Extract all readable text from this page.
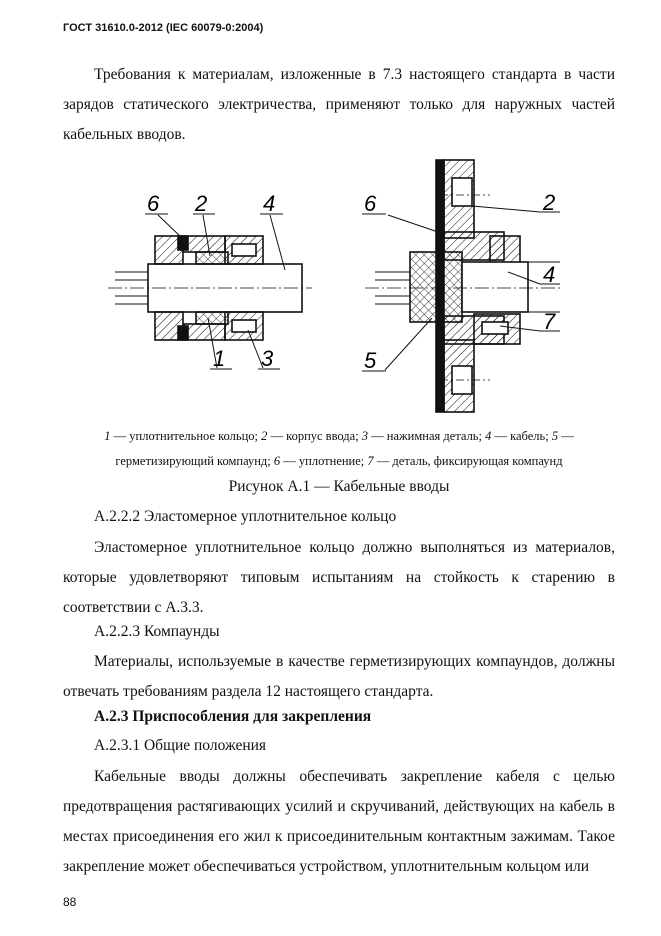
ГОСТ 31610.0-2012 (IEC 60079-0:2004)

Требования к материалам, изложенные в 7.3 настоящего стандарта в части зарядов статического электричества, применяют только для наружных частей кабельных вводов.

6 2	4
1 3
6	2
4
7
5

1 — уплотнительное кольцо; 2 — корпус ввода; 3 — нажимная деталь; 4 — кабель; 5 —

герметизирующий компаунд; 6 — уплотнение; 7 — деталь, фиксирующая компаунд

Рисунок А.1 — Кабельные вводы

А.2.2.2 Эластомерное уплотнительное кольцо

Эластомерное уплотнительное кольцо должно выполняться из материалов, которые удовлетворяют типовым испытаниям на стойкость к старению в соответствии с А.3.3.

А.2.2.3 Компаунды

Материалы, используемые в качестве герметизирующих компаундов, должны отвечать требованиям раздела 12 настоящего стандарта.

А.2.3 Приспособления для закрепления

А.2.3.1 Общие положения

Кабельные вводы должны обеспечивать закрепление кабеля с целью предотвращения растягивающих усилий и скручиваний, действующих на кабель в местах присоединения его жил к присоединительным контактным зажимам. Такое закрепление может обеспечиваться устройством, уплотнительным кольцом или

88
